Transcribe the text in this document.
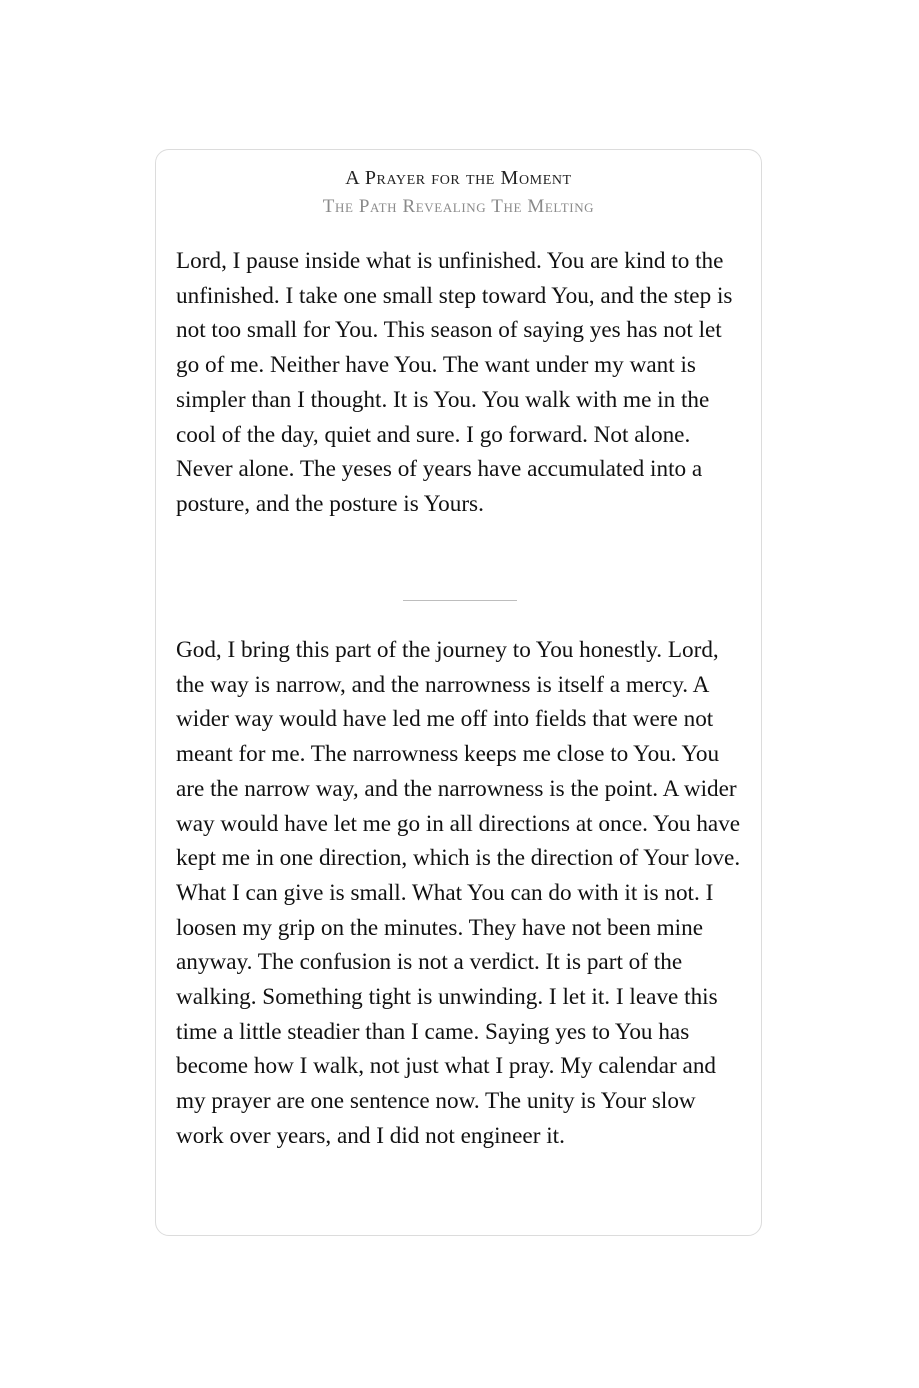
A Prayer for the Moment
The Path Revealing The Melting

Lord, I pause inside what is unfinished. You are kind to the unfinished. I take one small step toward You, and the step is not too small for You. This season of saying yes has not let go of me. Neither have You. The want under my want is simpler than I thought. It is You. You walk with me in the cool of the day, quiet and sure. I go forward. Not alone. Never alone. The yeses of years have accumulated into a posture, and the posture is Yours.

God, I bring this part of the journey to You honestly. Lord, the way is narrow, and the narrowness is itself a mercy. A wider way would have led me off into fields that were not meant for me. The narrowness keeps me close to You. You are the narrow way, and the narrowness is the point. A wider way would have let me go in all directions at once. You have kept me in one direction, which is the direction of Your love. What I can give is small. What You can do with it is not. I loosen my grip on the minutes. They have not been mine anyway. The confusion is not a verdict. It is part of the walking. Something tight is unwinding. I let it. I leave this time a little steadier than I came. Saying yes to You has become how I walk, not just what I pray. My calendar and my prayer are one sentence now. The unity is Your slow work over years, and I did not engineer it.
